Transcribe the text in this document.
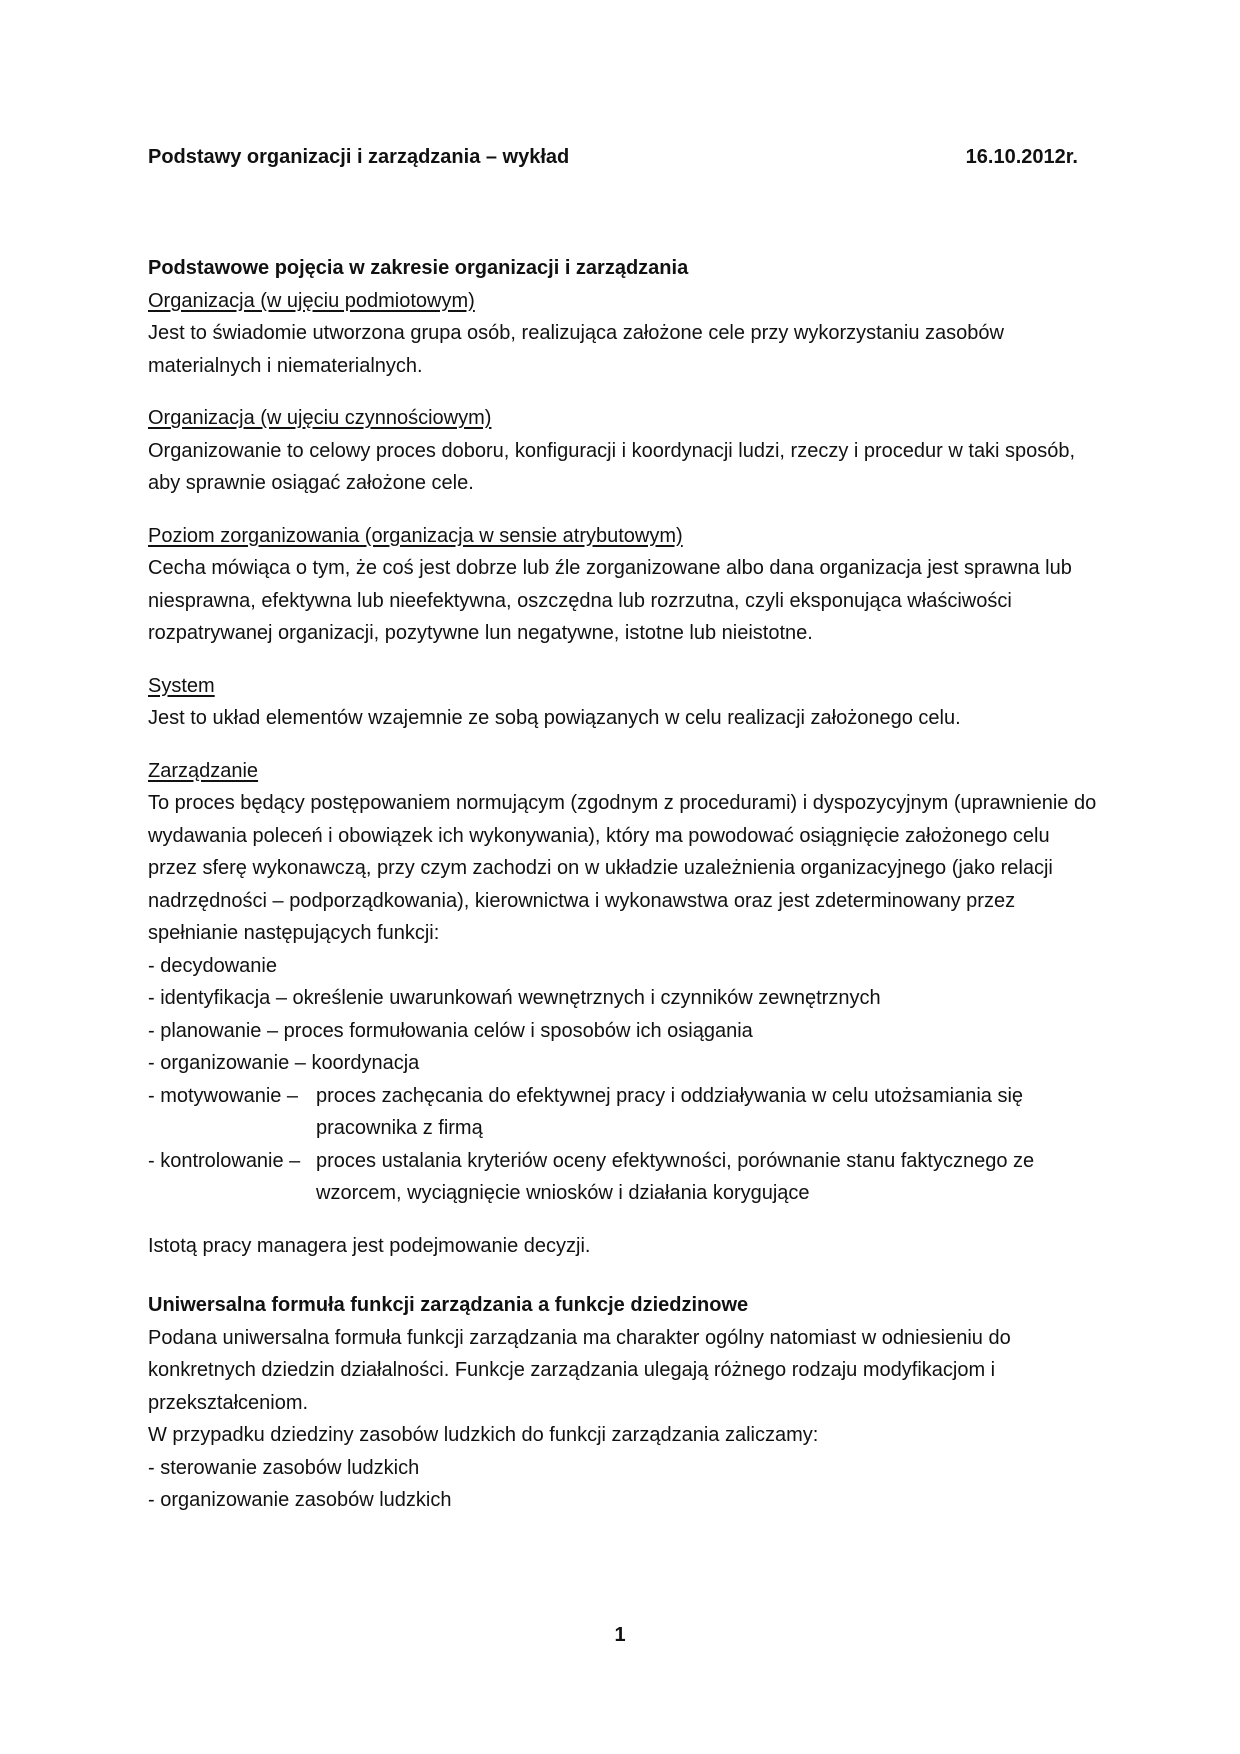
Podstawy organizacji i zarządzania – wykład	16.10.2012r.

Podstawowe pojęcia w zakresie organizacji i zarządzania

Organizacja (w ujęciu podmiotowym)

Jest to świadomie utworzona grupa osób, realizująca założone cele przy wykorzystaniu zasobów materialnych i niematerialnych.

Organizacja (w ujęciu czynnościowym)

Organizowanie to celowy proces doboru, konfiguracji i koordynacji ludzi, rzeczy i procedur w taki sposób, aby sprawnie osiągać założone cele.

Poziom zorganizowania (organizacja w sensie atrybutowym)

Cecha mówiąca o tym, że coś jest dobrze lub źle zorganizowane albo dana organizacja jest sprawna lub niesprawna, efektywna lub nieefektywna, oszczędna lub rozrzutna, czyli eksponująca właściwości rozpatrywanej organizacji, pozytywne lun negatywne, istotne lub nieistotne.

System

Jest to układ elementów wzajemnie ze sobą powiązanych w celu realizacji założonego celu.

Zarządzanie

To proces będący postępowaniem normującym (zgodnym z procedurami) i dyspozycyjnym (uprawnienie do wydawania poleceń i obowiązek ich wykonywania), który ma powodować osiągnięcie założonego celu przez sferę wykonawczą, przy czym zachodzi on w układzie uzależnienia organizacyjnego (jako relacji nadrzędności – podporządkowania), kierownictwa i wykonawstwa oraz jest zdeterminowany przez spełnianie następujących funkcji:

- decydowanie
- identyfikacja – określenie uwarunkowań wewnętrznych i czynników zewnętrznych
- planowanie – proces formułowania celów i sposobów ich osiągania
- organizowanie – koordynacja
- motywowanie – proces zachęcania do efektywnej pracy i oddziaływania w celu utożsamiania się pracownika z firmą
- kontrolowanie – proces ustalania kryteriów oceny efektywności, porównanie stanu faktycznego ze wzorcem, wyciągnięcie wniosków i działania korygujące

Istotą pracy managera jest podejmowanie decyzji.

Uniwersalna formuła funkcji zarządzania a funkcje dziedzinowe

Podana uniwersalna formuła funkcji zarządzania ma charakter ogólny natomiast w odniesieniu do konkretnych dziedzin działalności. Funkcje zarządzania ulegają różnego rodzaju modyfikacjom i przekształceniom.

W przypadku dziedziny zasobów ludzkich do funkcji zarządzania zaliczamy:

- sterowanie zasobów ludzkich

- organizowanie zasobów ludzkich

1
